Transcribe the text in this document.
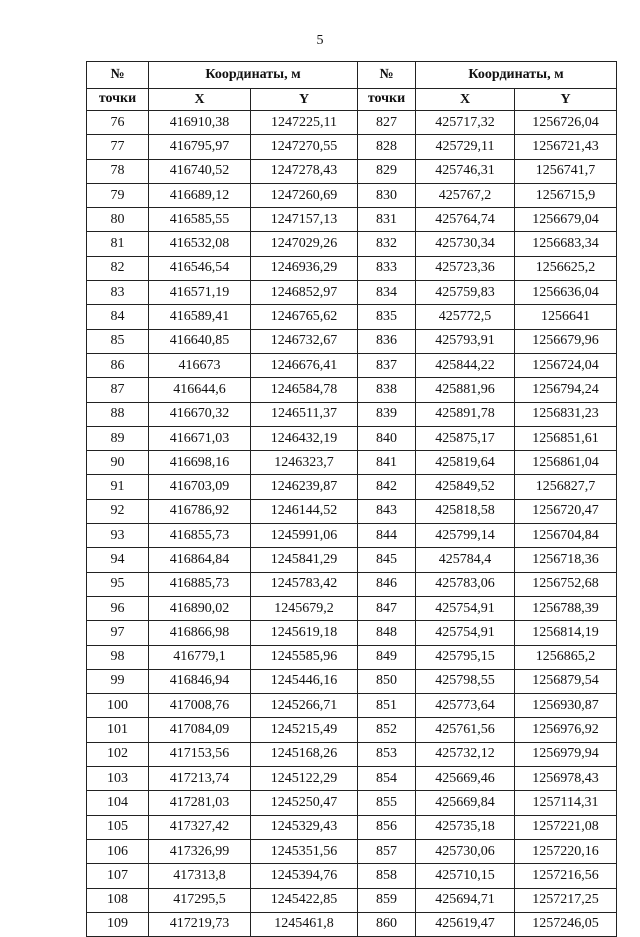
5
№	Координаты, м		№	Координаты, м	
точки	X	Y	точки	X	Y
76	416910,38	1247225,11	827	425717,32	1256726,04
77	416795,97	1247270,55	828	425729,11	1256721,43
78	416740,52	1247278,43	829	425746,31	1256741,7
79	416689,12	1247260,69	830	425767,2	1256715,9
80	416585,55	1247157,13	831	425764,74	1256679,04
81	416532,08	1247029,26	832	425730,34	1256683,34
82	416546,54	1246936,29	833	425723,36	1256625,2
83	416571,19	1246852,97	834	425759,83	1256636,04
84	416589,41	1246765,62	835	425772,5	1256641
85	416640,85	1246732,67	836	425793,91	1256679,96
86	416673	1246676,41	837	425844,22	1256724,04
87	416644,6	1246584,78	838	425881,96	1256794,24
88	416670,32	1246511,37	839	425891,78	1256831,23
89	416671,03	1246432,19	840	425875,17	1256851,61
90	416698,16	1246323,7	841	425819,64	1256861,04
91	416703,09	1246239,87	842	425849,52	1256827,7
92	416786,92	1246144,52	843	425818,58	1256720,47
93	416855,73	1245991,06	844	425799,14	1256704,84
94	416864,84	1245841,29	845	425784,4	1256718,36
95	416885,73	1245783,42	846	425783,06	1256752,68
96	416890,02	1245679,2	847	425754,91	1256788,39
97	416866,98	1245619,18	848	425754,91	1256814,19
98	416779,1	1245585,96	849	425795,15	1256865,2
99	416846,94	1245446,16	850	425798,55	1256879,54
100	417008,76	1245266,71	851	425773,64	1256930,87
101	417084,09	1245215,49	852	425761,56	1256976,92
102	417153,56	1245168,26	853	425732,12	1256979,94
103	417213,74	1245122,29	854	425669,46	1256978,43
104	417281,03	1245250,47	855	425669,84	1257114,31
105	417327,42	1245329,43	856	425735,18	1257221,08
106	417326,99	1245351,56	857	425730,06	1257220,16
107	417313,8	1245394,76	858	425710,15	1257216,56
108	417295,5	1245422,85	859	425694,71	1257217,25
109	417219,73	1245461,8	860	425619,47	1257246,05
